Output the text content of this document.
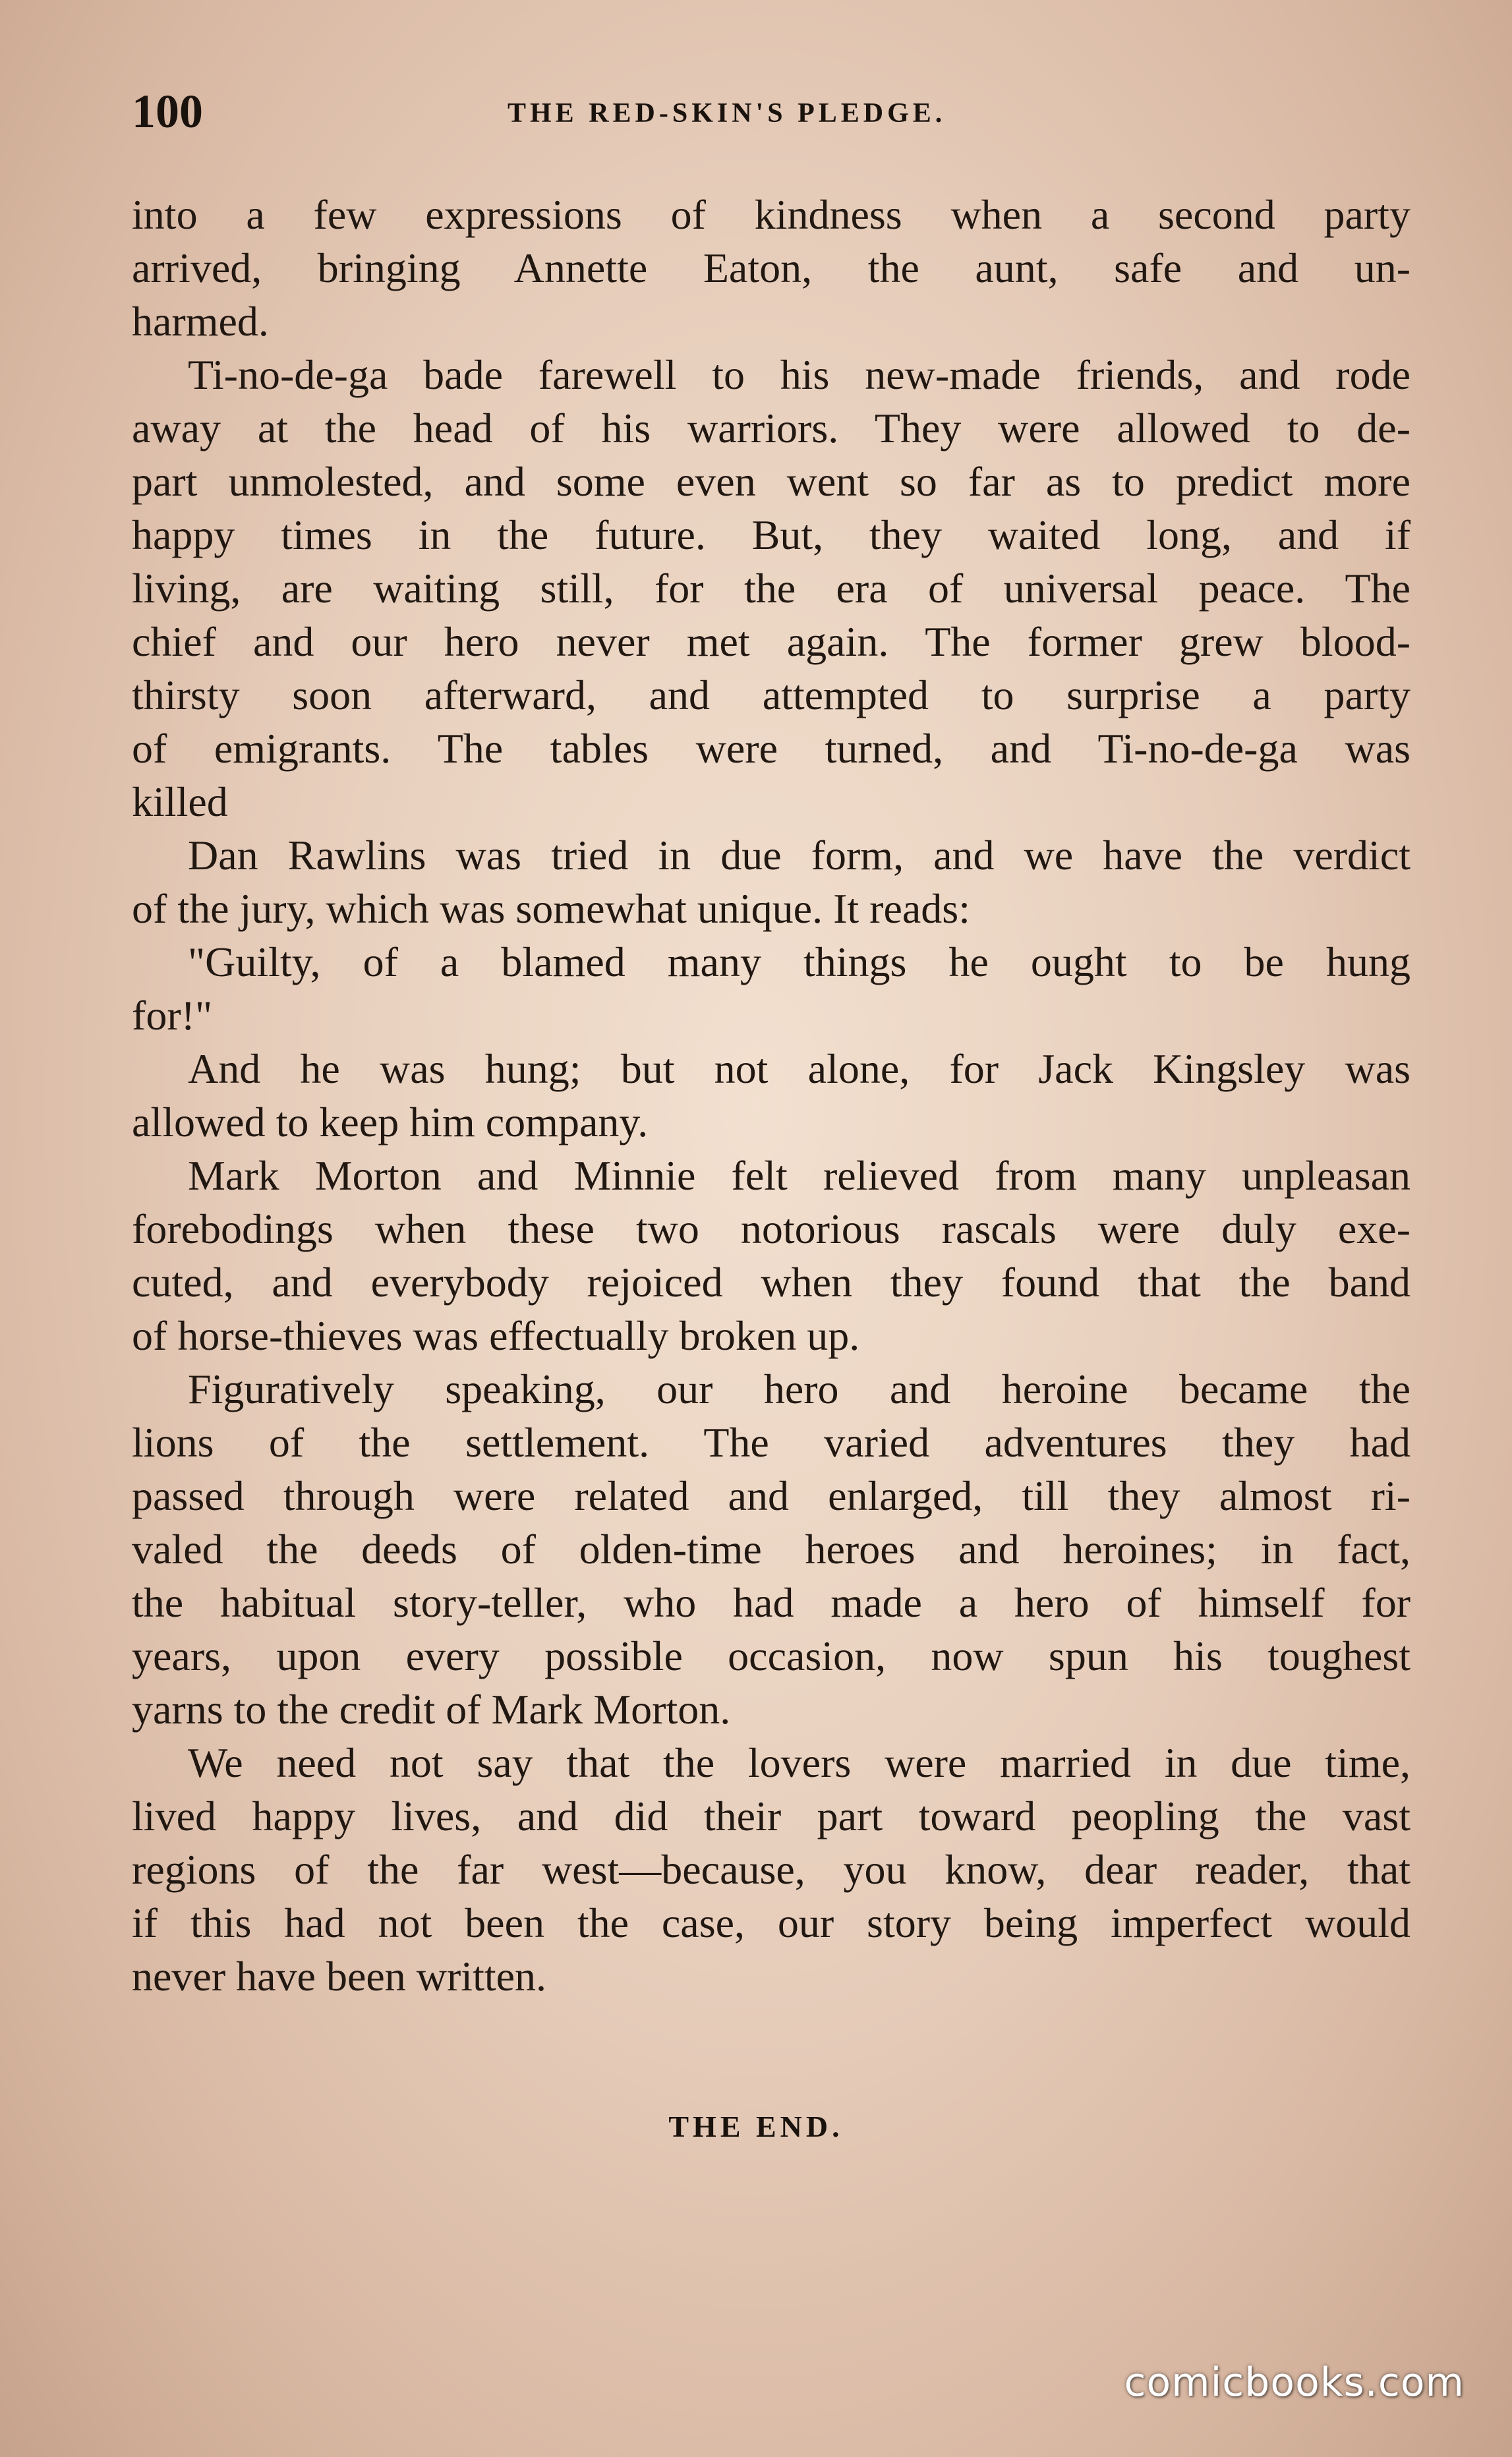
100	THE RED-SKIN'S PLEDGE.
into a few expressions of kindness when a second party
arrived, bringing Annette Eaton, the aunt, safe and un-
harmed.
Ti-no-de-ga bade farewell to his new-made friends, and rode
away at the head of his warriors. They were allowed to de-
part unmolested, and some even went so far as to predict more
happy times in the future. But, they waited long, and if
living, are waiting still, for the era of universal peace. The
chief and our hero never met again. The former grew blood-
thirsty soon afterward, and attempted to surprise a party
of emigrants. The tables were turned, and Ti-no-de-ga was
killed
Dan Rawlins was tried in due form, and we have the verdict
of the jury, which was somewhat unique. It reads:
"Guilty, of a blamed many things he ought to be hung
for!"
And he was hung; but not alone, for Jack Kingsley was
allowed to keep him company.
Mark Morton and Minnie felt relieved from many unpleasan
forebodings when these two notorious rascals were duly exe-
cuted, and everybody rejoiced when they found that the band
of horse-thieves was effectually broken up.
Figuratively speaking, our hero and heroine became the
lions of the settlement. The varied adventures they had
passed through were related and enlarged, till they almost ri-
valed the deeds of olden-time heroes and heroines; in fact,
the habitual story-teller, who had made a hero of himself for
years, upon every possible occasion, now spun his toughest
yarns to the credit of Mark Morton.
We need not say that the lovers were married in due time,
lived happy lives, and did their part toward peopling the vast
regions of the far west—because, you know, dear reader, that
if this had not been the case, our story being imperfect would
never have been written.
THE END.
comicbooks.com
